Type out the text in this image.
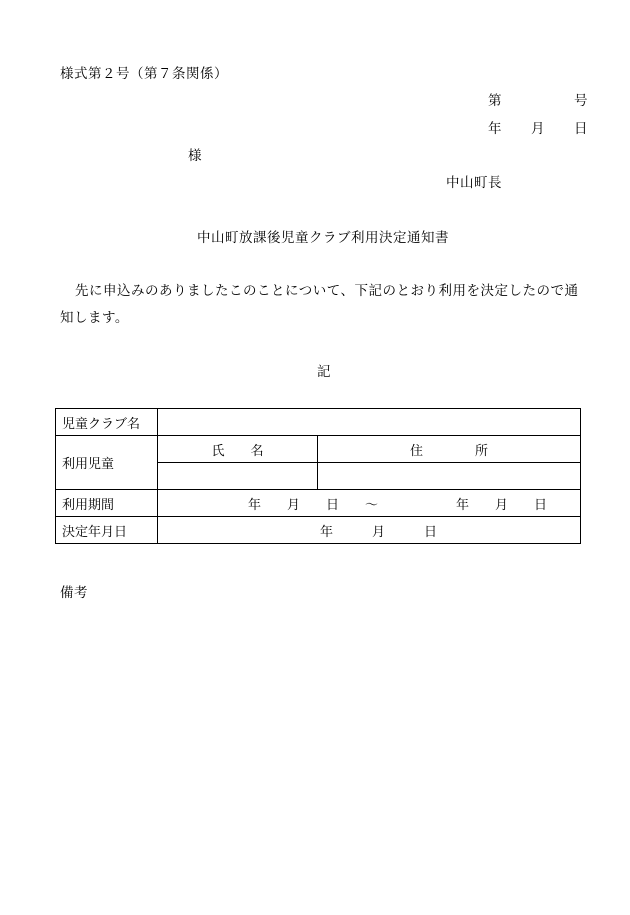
様式第２号（第７条関係）
第	号
年 月 日
様
中山町長
中山町放課後児童クラブ利用決定通知書
先に申込みのありましたこのことについて、下記のとおり利用を決定したので通
知します。
記
児童クラブ名		
利用児童	氏　　名	住　　　　所

利用期間	年　　月　　日　　～　　　　　　年　　月　　日	
決定年月日	年　　　月　　　日	
備考
